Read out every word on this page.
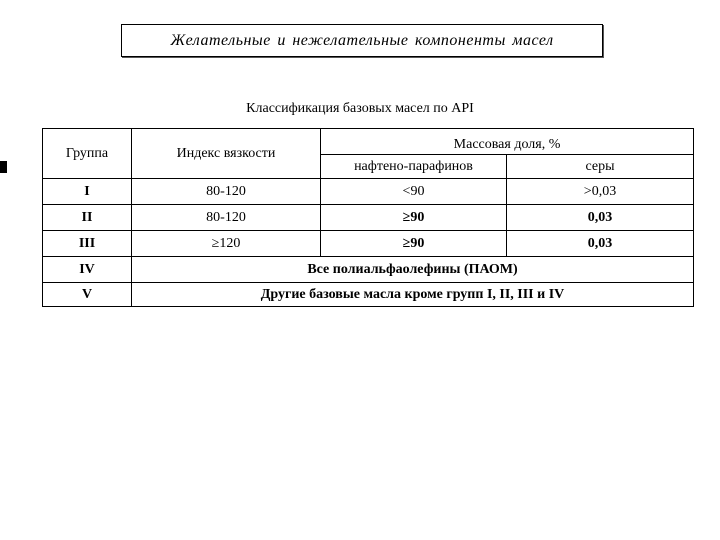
Желательные и нежелательные компоненты масел
Классификация базовых масел по API
Группа	Индекс вязкости	Массовая доля, %	
		нафтено-парафинов	серы
I	80-120	<90	>0,03
II	80-120	≥90	0,03
III	≥120	≥90	0,03
IV	Все полиальфаолефины (ПАОМ)		
V	Другие базовые масла кроме групп I, II, III и IV		
